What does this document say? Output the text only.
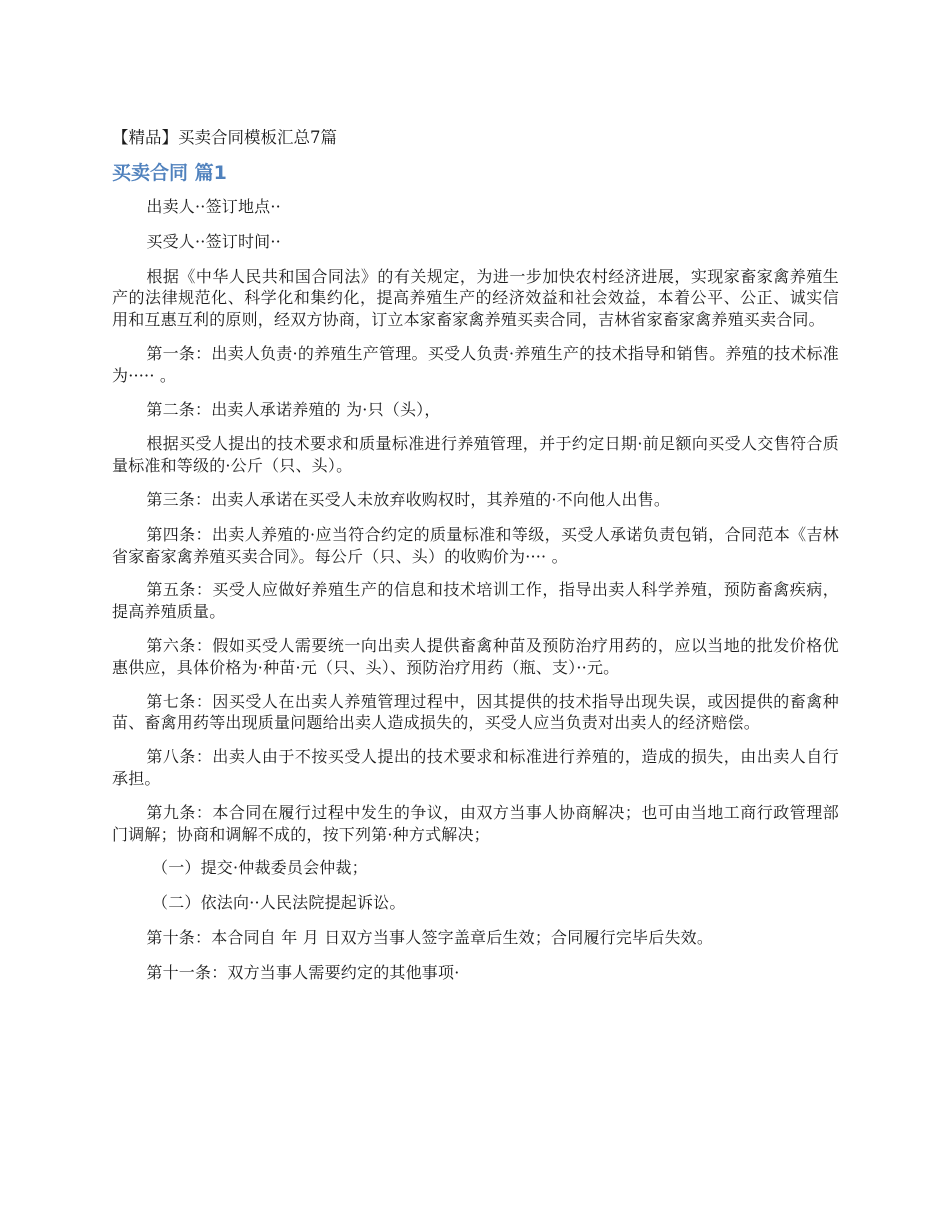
【精品】买卖合同模板汇总7篇
买卖合同 篇1

出卖人··签订地点··

买受人··签订时间··

根据《中华人民共和国合同法》的有关规定，为进一步加快农村经济进展，实现家畜家禽养殖生产的法律规范化、科学化和集约化，提高养殖生产的经济效益和社会效益，本着公平、公正、诚实信用和互惠互利的原则，经双方协商，订立本家畜家禽养殖买卖合同，吉林省家畜家禽养殖买卖合同。

第一条：出卖人负责·的养殖生产管理。买受人负责·养殖生产的技术指导和销售。养殖的技术标准为····· 。

第二条：出卖人承诺养殖的 为·只（头），

根据买受人提出的技术要求和质量标准进行养殖管理，并于约定日期·前足额向买受人交售符合质量标准和等级的·公斤（只、头）。

第三条：出卖人承诺在买受人未放弃收购权时，其养殖的·不向他人出售。

第四条：出卖人养殖的·应当符合约定的质量标准和等级，买受人承诺负责包销，合同范本《吉林省家畜家禽养殖买卖合同》。每公斤（只、头）的收购价为···· 。

第五条：买受人应做好养殖生产的信息和技术培训工作，指导出卖人科学养殖，预防畜禽疾病，提高养殖质量。

第六条：假如买受人需要统一向出卖人提供畜禽种苗及预防治疗用药的，应以当地的批发价格优惠供应，具体价格为·种苗·元（只、头）、预防治疗用药（瓶、支）··元。

第七条：因买受人在出卖人养殖管理过程中，因其提供的技术指导出现失误，或因提供的畜禽种苗、畜禽用药等出现质量问题给出卖人造成损失的，买受人应当负责对出卖人的经济赔偿。

第八条：出卖人由于不按买受人提出的技术要求和标准进行养殖的，造成的损失，由出卖人自行承担。

第九条：本合同在履行过程中发生的争议，由双方当事人协商解决；也可由当地工商行政管理部门调解；协商和调解不成的，按下列第·种方式解决；

（一）提交·仲裁委员会仲裁；

（二）依法向··人民法院提起诉讼。

第十条：本合同自 年 月 日双方当事人签字盖章后生效；合同履行完毕后失效。

第十一条：双方当事人需要约定的其他事项·
